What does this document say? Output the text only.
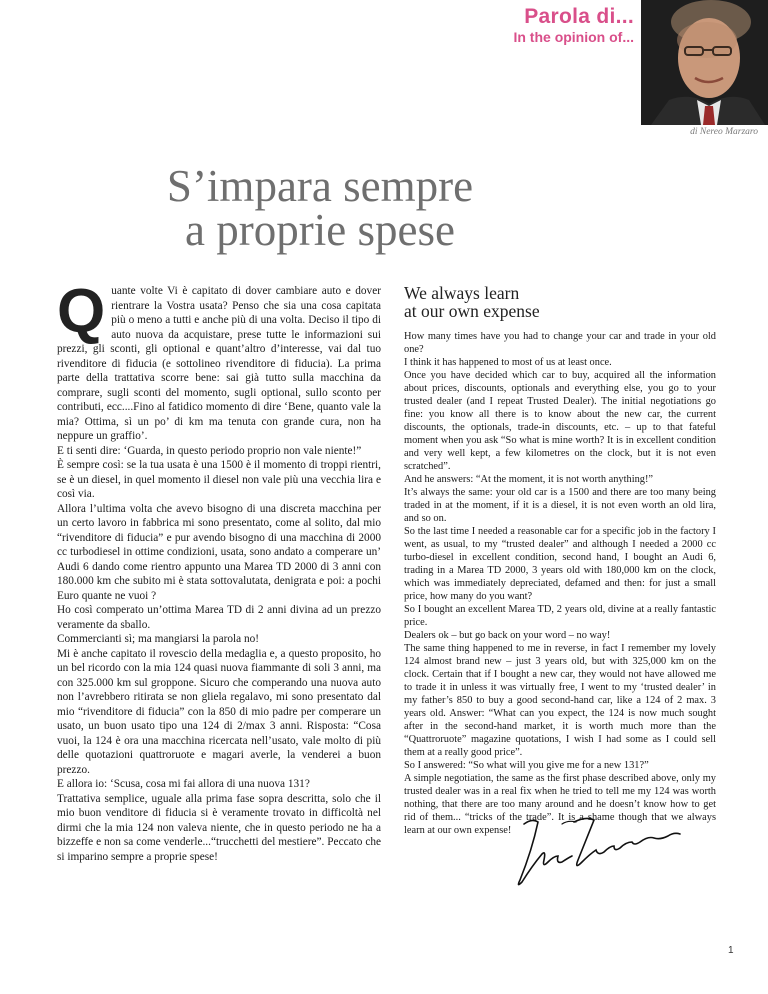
Parola di...
In the opinion of...
di Nereo Marzaro
S’impara sempre
a proprie spese

Quante volte Vi è capitato di dover cambiare auto e dover rientrare la Vostra usata? Penso che sia una cosa capitata più o meno a tutti e anche più di una volta. Deciso il tipo di auto nuova da acquistare, prese tutte le informazioni sui prezzi, gli sconti, gli optional e quant’altro d’interesse, vai dal tuo rivenditore di fiducia (e sottolineo rivenditore di fiducia). La prima parte della trattativa scorre bene: sai già tutto sulla macchina da comprare, sugli sconti del momento, sugli optional, sullo sconto per contributi, ecc....Fino al fatidico momento di dire ‘Bene, quanto vale la mia? Ottima, sì un po’ di km ma tenuta con grande cura, non ha neppure un graffio’.

E ti senti dire: ‘Guarda, in questo periodo proprio non vale niente!”

È sempre così: se la tua usata è una 1500 è il momento di troppi rientri, se è un diesel, in quel momento il diesel non vale più una vecchia lira e così via.

Allora l’ultima volta che avevo bisogno di una discreta macchina per un certo lavoro in fabbrica mi sono presentato, come al solito, dal mio “rivenditore di fiducia” e pur avendo bisogno di una macchina di 2000 cc turbodiesel in ottime condizioni, usata, sono andato a comperare un’ Audi 6 dando come rientro appunto una Marea TD 2000 di 3 anni con 180.000 km che subito mi è stata sottovalutata, denigrata e poi: a pochi Euro quante ne vuoi ?

Ho così comperato un’ottima Marea TD di 2 anni divina ad un prezzo veramente da sballo.

Commercianti sì; ma mangiarsi la parola no!

Mi è anche capitato il rovescio della medaglia e, a questo proposito, ho un bel ricordo con la mia 124 quasi nuova fiammante di soli 3 anni, ma con 325.000 km sul groppone. Sicuro che comperando una nuova auto non l’avrebbero ritirata se non gliela regalavo, mi sono presentato dal mio “rivenditore di fiducia” con la 850 di mio padre per comperare un usato, un buon usato tipo una 124 di 2/max 3 anni. Risposta: “Cosa vuoi, la 124 è ora una macchina ricercata nell’usato, vale molto di più delle quotazioni quattroruote e magari averle, la venderei a buon prezzo.

E allora io: ‘Scusa, cosa mi fai allora di una nuova 131?

Trattativa semplice, uguale alla prima fase sopra descritta, solo che il mio buon venditore di fiducia si è veramente trovato in difficoltà nel dirmi che la mia 124 non valeva niente, che in questo periodo ne ha a bizzeffe e non sa come venderle...“trucchetti del mestiere”. Peccato che si imparino sempre a proprie spese!

We always learn
at our own expense

How many times have you had to change your car and trade in your old one?

I think it has happened to most of us at least once.

Once you have decided which car to buy, acquired all the information about prices, discounts, optionals and everything else, you go to your trusted dealer (and I repeat Trusted Dealer). The initial negotiations go fine: you know all there is to know about the new car, the current discounts, the optionals, trade-in discounts, etc. – up to that fateful moment when you ask “So what is mine worth? It is in excellent condition and very well kept, a few kilometres on the clock, but it is not even scratched”.

And he answers: “At the moment, it is not worth anything!”

It’s always the same: your old car is a 1500 and there are too many being traded in at the moment, if it is a diesel, it is not even worth an old lira, and so on.

So the last time I needed a reasonable car for a specific job in the factory I went, as usual, to my “trusted dealer” and although I needed a 2000 cc turbo-diesel in excellent condition, second hand, I bought an Audi 6, trading in a Marea TD 2000, 3 years old with 180,000 km on the clock, which was immediately depreciated, defamed and then: for just a small price, how many do you want?

So I bought an excellent Marea TD, 2 years old, divine at a really fantastic price.

Dealers ok – but go back on your word – no way!

The same thing happened to me in reverse, in fact I remember my lovely 124 almost brand new – just 3 years old, but with 325,000 km on the clock. Certain that if I bought a new car, they would not have allowed me to trade it in unless it was virtually free, I went to my ‘trusted dealer’ in my father’s 850 to buy a good second-hand car, like a 124 of 2 max. 3 years old. Answer: “What can you expect, the 124 is now much sought after in the second-hand market, it is worth much more than the “Quattroruote” magazine quotations, I wish I had some as I could sell them at a really good price”.

So I answered: “So what will you give me for a new 131?”

A simple negotiation, the same as the first phase described above, only my trusted dealer was in a real fix when he tried to tell me my 124 was worth nothing, that there are too many around and he doesn’t know how to get rid of them... “tricks of the trade”. It is a shame though that we always learn at our own expense!

1
